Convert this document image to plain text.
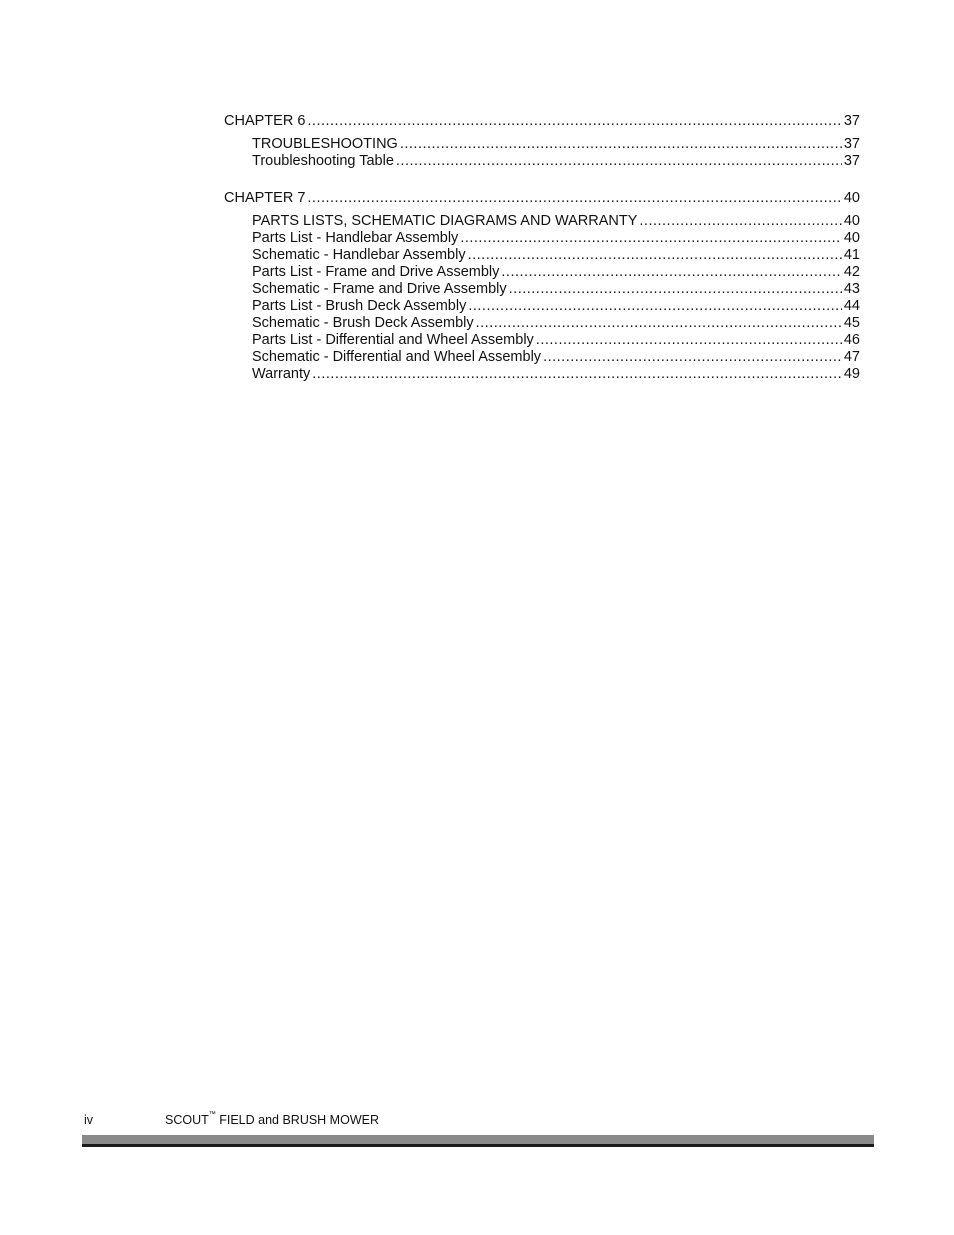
CHAPTER 6 .....	37
TROUBLESHOOTING .....	37
Troubleshooting Table .....	37
CHAPTER 7 .....	40
PARTS LISTS, SCHEMATIC DIAGRAMS AND WARRANTY .....	40
Parts List - Handlebar Assembly .....	40
Schematic - Handlebar Assembly .....	41
Parts List - Frame and Drive Assembly .....	42
Schematic - Frame and Drive Assembly .....	43
Parts List - Brush Deck Assembly .....	44
Schematic - Brush Deck Assembly .....	45
Parts List - Differential and Wheel Assembly .....	46
Schematic - Differential and Wheel Assembly .....	47
Warranty .....	49
iv	SCOUT™ FIELD and BRUSH MOWER
